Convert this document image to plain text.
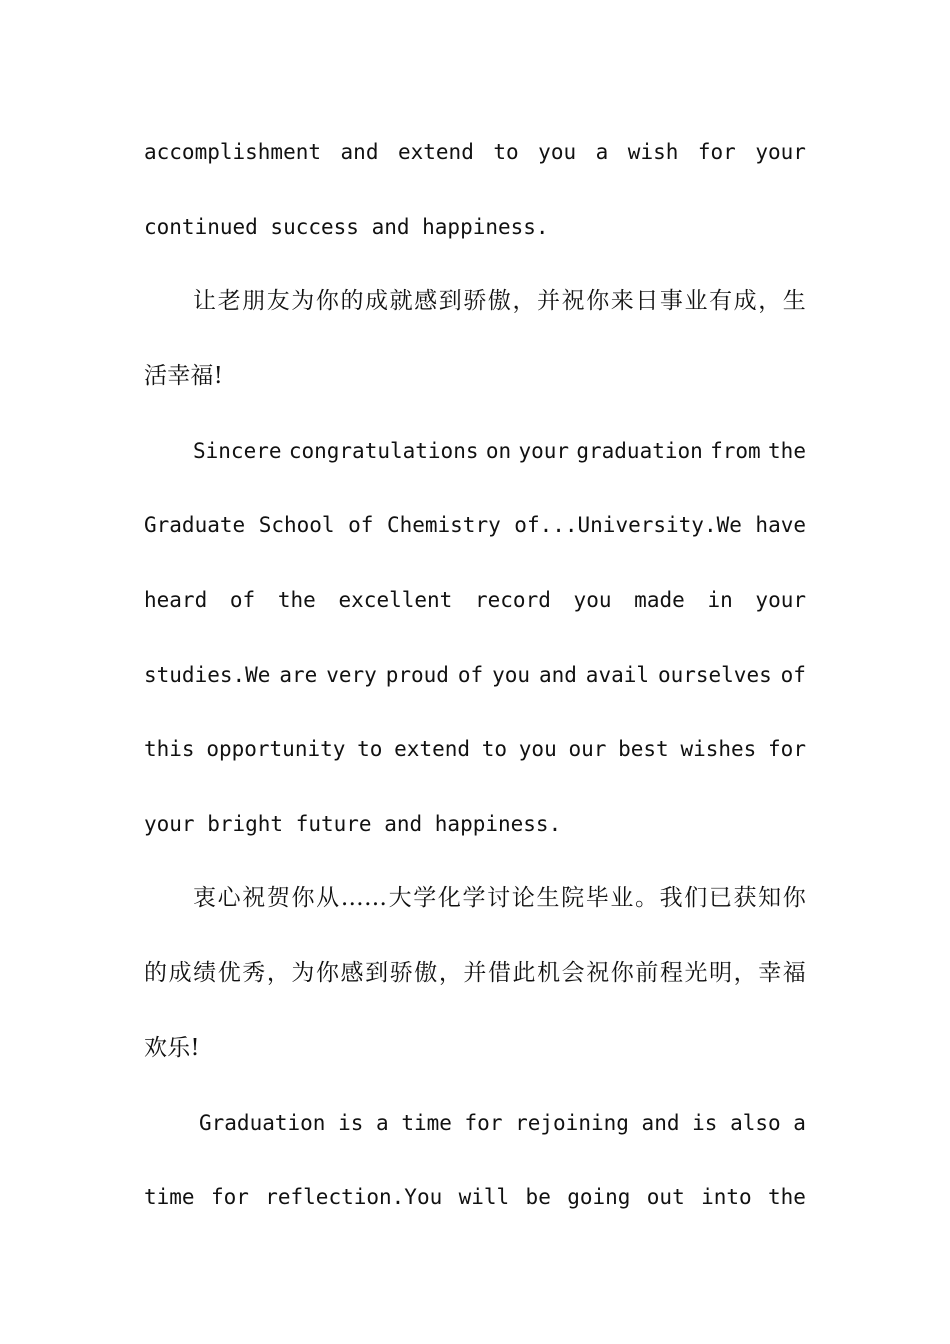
accomplishment and extend to you a wish for your
continued success and happiness.
让老朋友为你的成就感到骄傲，并祝你来日事业有成，生
活幸福!
Sincere congratulations on your graduation from the
Graduate School of Chemistry of...University.We have
heard of the excellent record you made in your
studies.We are very proud of you and avail ourselves of
this opportunity to extend to you our best wishes for
your bright future and happiness.
衷心祝贺你从……大学化学讨论生院毕业。我们已获知你
的成绩优秀，为你感到骄傲，并借此机会祝你前程光明，幸福
欢乐!
Graduation is a time for rejoining and is also a
time for reflection.You will be going out into the
